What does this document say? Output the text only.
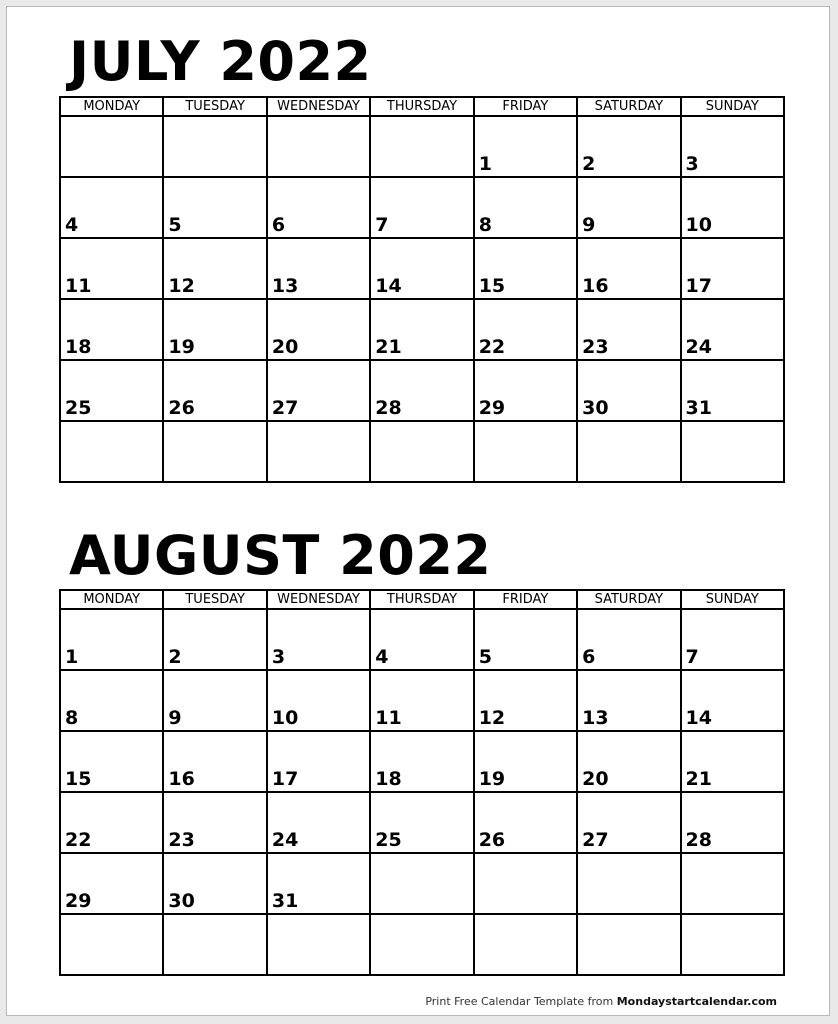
JULY 2022
MONDAY	TUESDAY	WEDNESDAY	THURSDAY	FRIDAY	SATURDAY	SUNDAY

				1	2	3

4	5	6	7	8	9	10

11	12	13	14	15	16	17

18	19	20	21	22	23	24

25	26	27	28	29	30	31

AUGUST 2022
MONDAY	TUESDAY	WEDNESDAY	THURSDAY	FRIDAY	SATURDAY	SUNDAY

1	2	3	4	5	6	7

8	9	10	11	12	13	14

15	16	17	18	19	20	21

22	23	24	25	26	27	28

29	30	31				

Print Free Calendar Template from Mondaystartcalendar.com
